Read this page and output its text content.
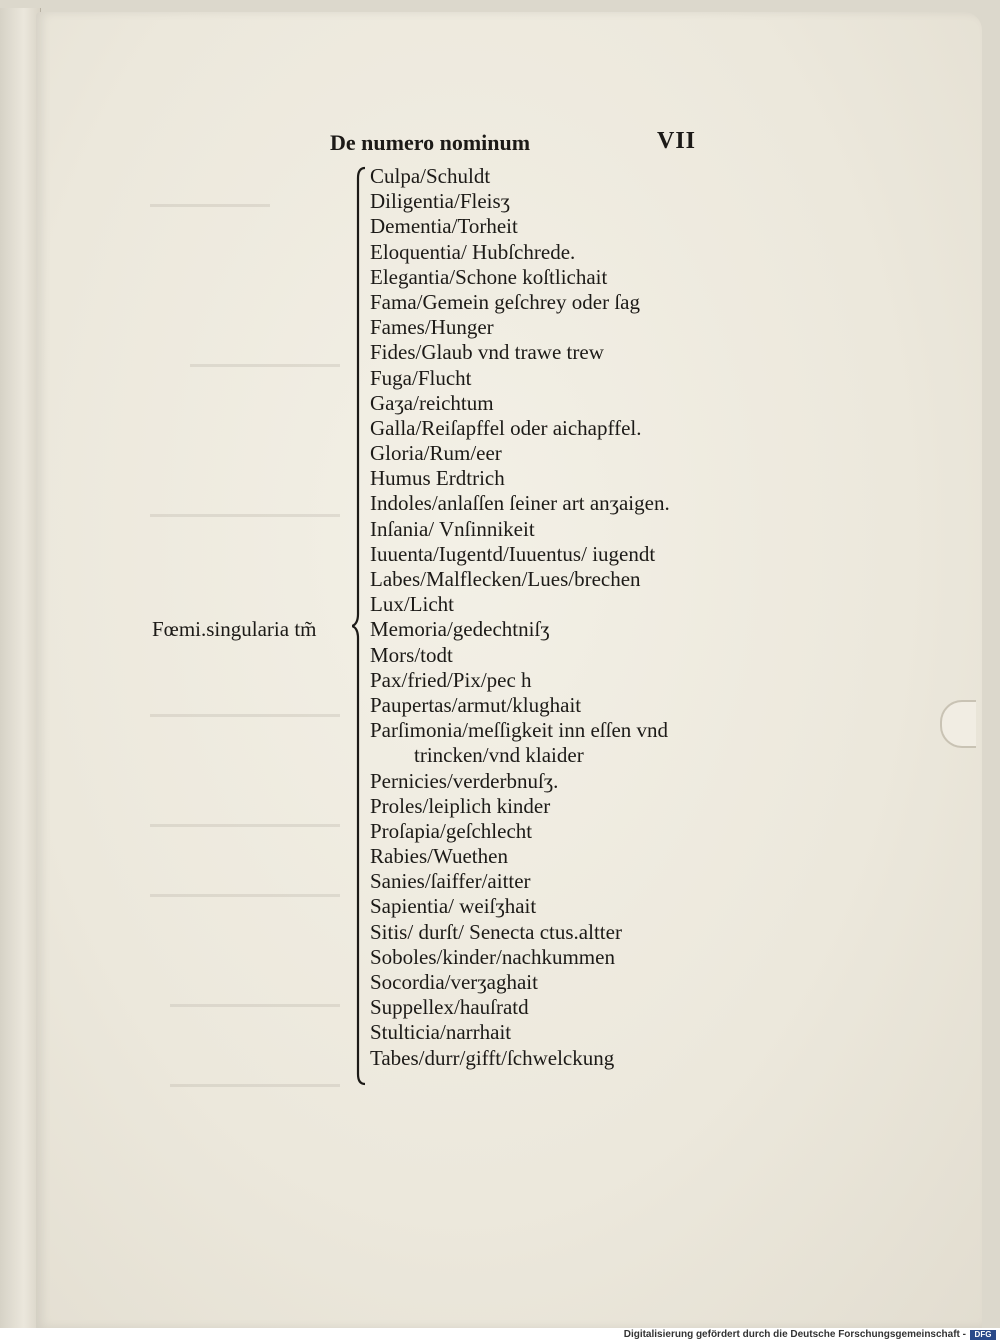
De numero nominum	VII
Fœmi.singularia tm̃
Culpa/Schuldt
Diligentia/Fleisʒ
Dementia/Torheit
Eloquentia/ Hubſchrede.
Elegantia/Schone koſtlichait
Fama/Gemein geſchrey oder ſag
Fames/Hunger
Fides/Glaub vnd trawe trew
Fuga/Flucht
Gaʒa/reichtum
Galla/Reiſapffel oder aichapffel.
Gloria/Rum/eer
Humus Erdtrich
Indoles/anlaſſen ſeiner art anʒaigen.
Inſania/ Vnſinnikeit
Iuuenta/Iugentd/Iuuentus/ iugendt
Labes/Malflecken/Lues/brechen
Lux/Licht
Memoria/gedechtniſʒ
Mors/todt
Pax/fried/Pix/pec h
Paupertas/armut/klughait
Parſimonia/meſſigkeit inn eſſen vnd
trincken/vnd klaider
Pernicies/verderbnuſʒ.
Proles/leiplich kinder
Proſapia/geſchlecht
Rabies/Wuethen
Sanies/ſaiffer/aitter
Sapientia/ weiſʒhait
Sitis/ durſt/ Senecta ctus.altter
Soboles/kinder/nachkummen
Socordia/verʒaghait
Suppellex/hauſratd
Stulticia/narrhait
Tabes/durr/gifft/ſchwelckung
Digitalisierung gefördert durch die Deutsche Forschungsgemeinschaft -	DFG
